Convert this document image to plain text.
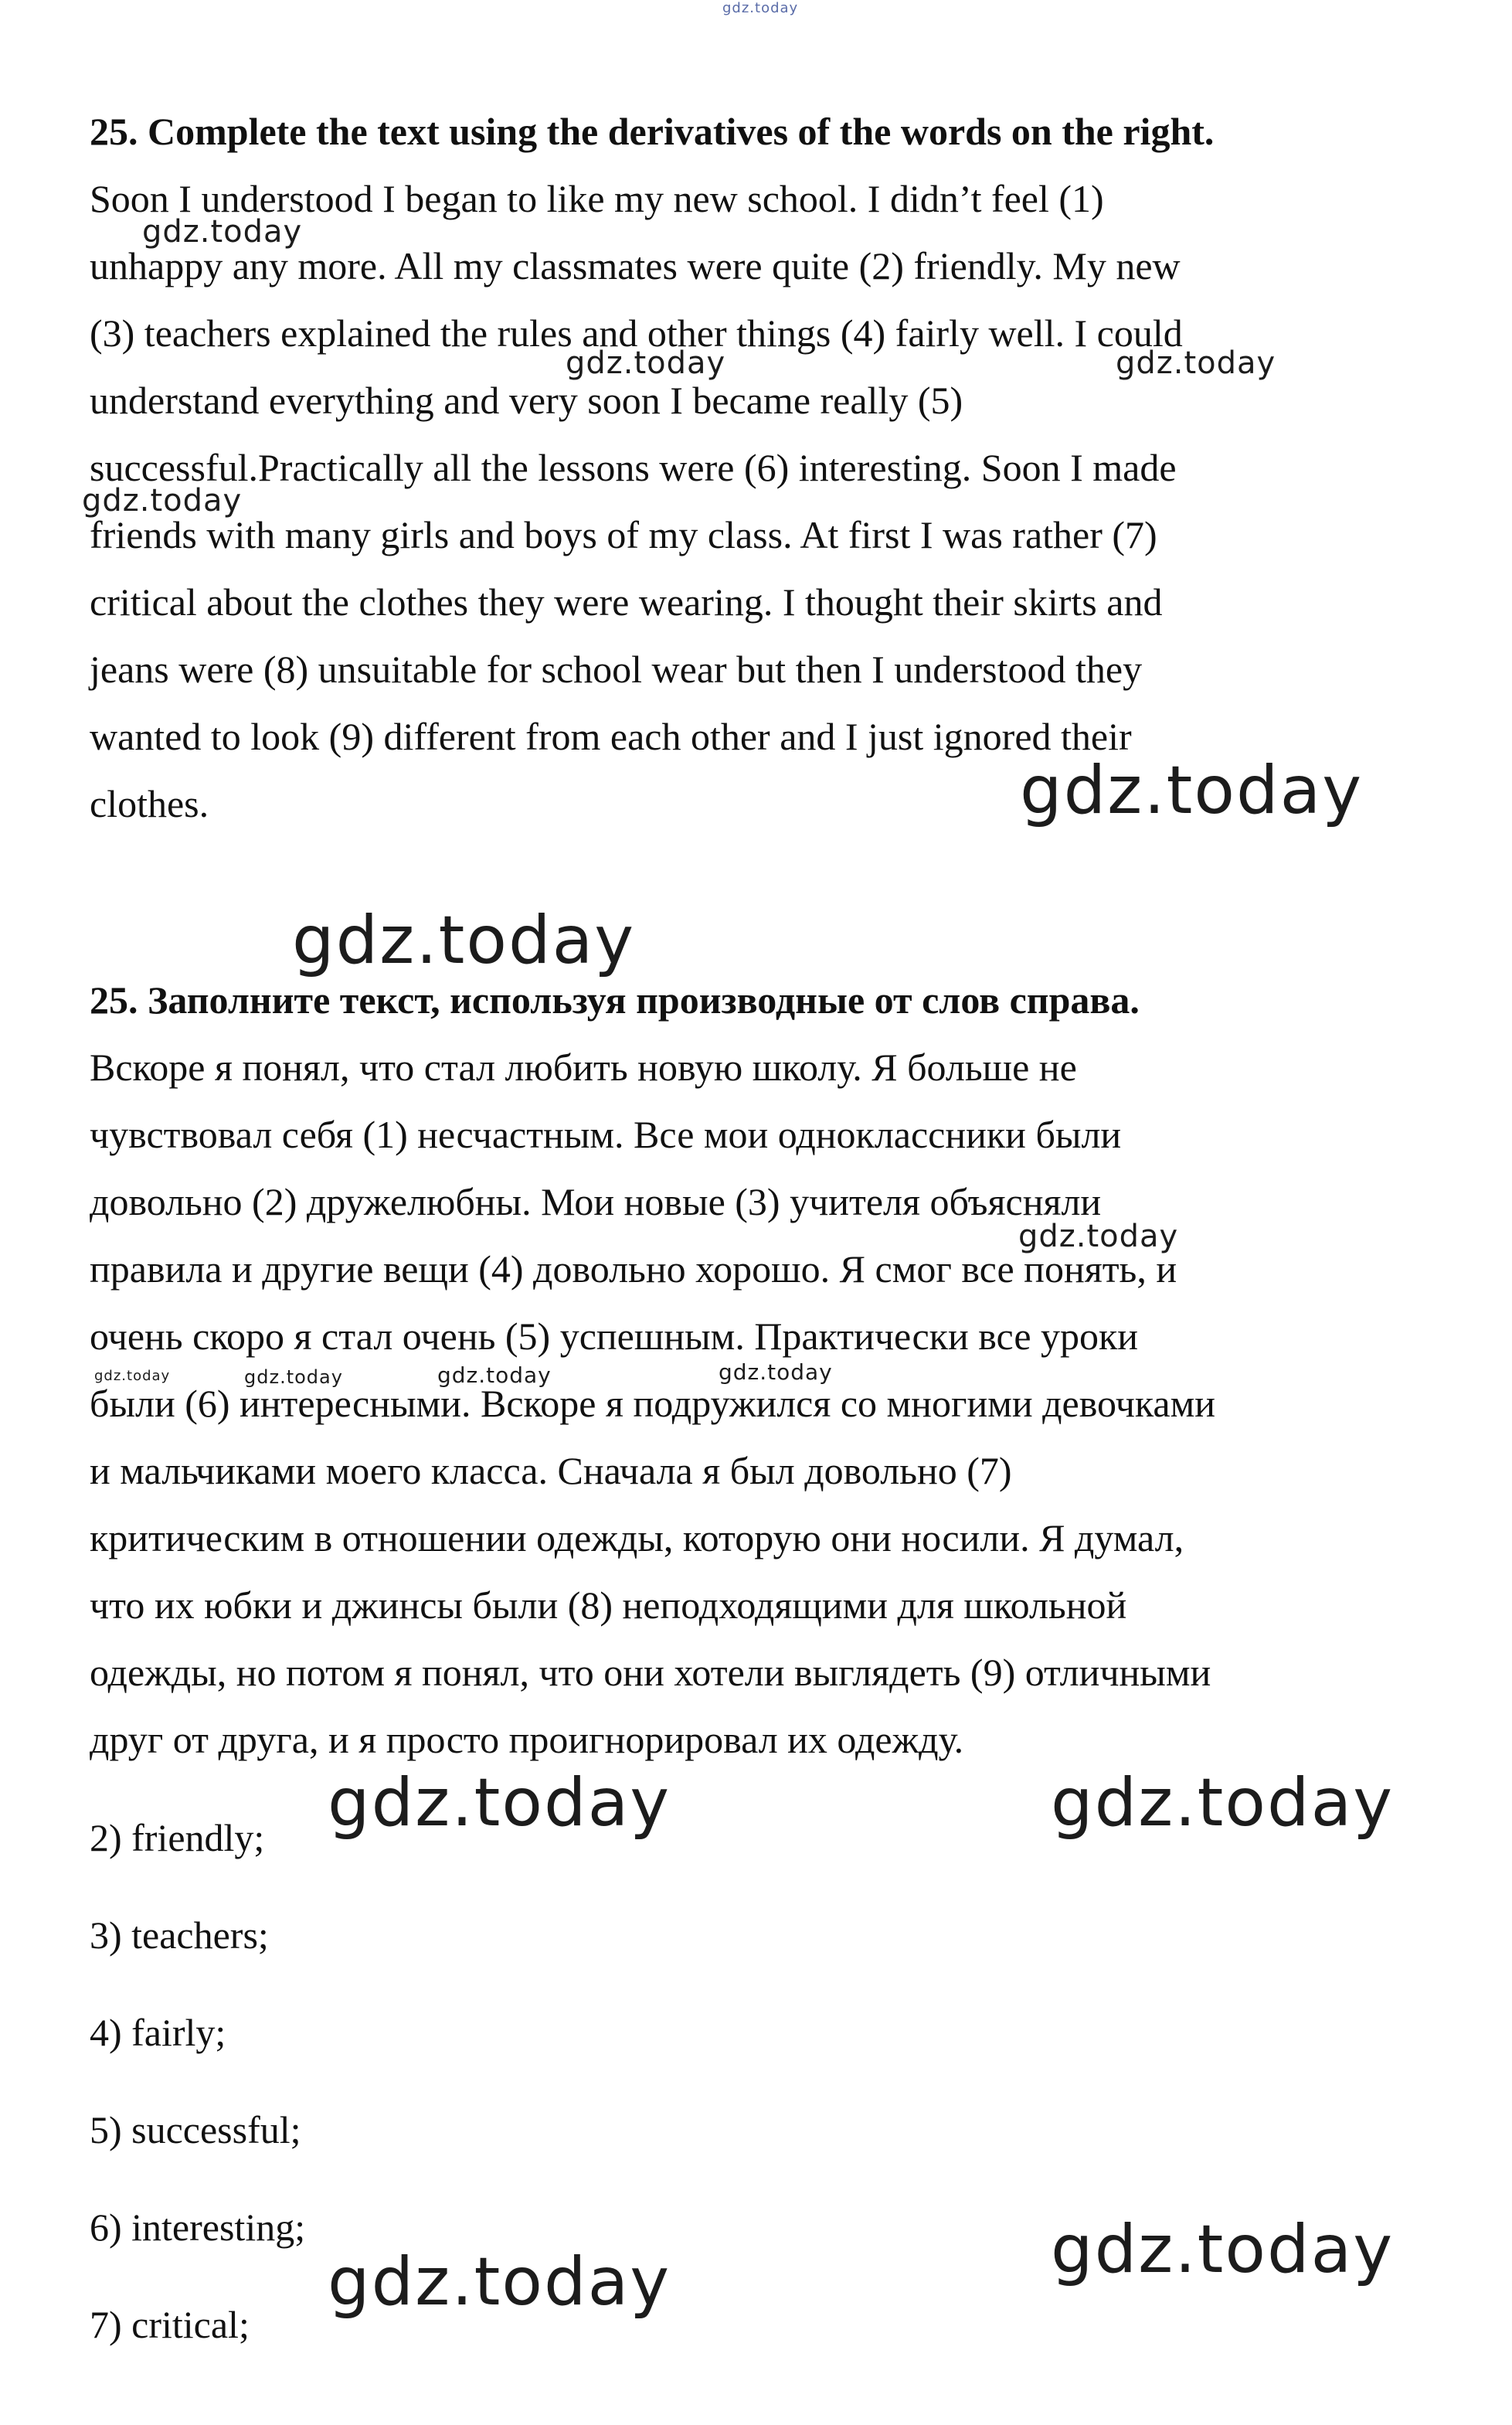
25. Complete the text using the derivatives of the words on the right.
Soon I understood I began to like my new school. I didn’t feel (1)
unhappy any more. All my classmates were quite (2) friendly. My new
(3) teachers explained the rules and other things (4) fairly well. I could
understand everything and very soon I became really (5)
successful.Practically all the lessons were (6) interesting. Soon I made
friends with many girls and boys of my class. At first I was rather (7)
critical about the clothes they were wearing. I thought their skirts and
jeans were (8) unsuitable for school wear but then I understood they
wanted to look (9) different from each other and I just ignored their
clothes.
25. Заполните текст, используя производные от слов справа.
Вскоре я понял, что стал любить новую школу. Я больше не
чувствовал себя (1) несчастным. Все мои одноклассники были
довольно (2) дружелюбны. Мои новые (3) учителя объясняли
правила и другие вещи (4) довольно хорошо. Я смог все понять, и
очень скоро я стал очень (5) успешным. Практически все уроки
были (6) интересными. Вскоре я подружился со многими девочками
и мальчиками моего класса. Сначала я был довольно (7)
критическим в отношении одежды, которую они носили. Я думал,
что их юбки и джинсы были (8) неподходящими для школьной
одежды, но потом я понял, что они хотели выглядеть (9) отличными
друг от друга, и я просто проигнорировал их одежду.
2) friendly;
3) teachers;
4) fairly;
5) successful;
6) interesting;
7) critical;
gdz.today
gdz.today
gdz.today	gdz.today
gdz.today
gdz.today
gdz.today
gdz.today
gdz.today	gdz.today	gdz.today	gdz.today
gdz.today	gdz.today
gdz.today
gdz.today
